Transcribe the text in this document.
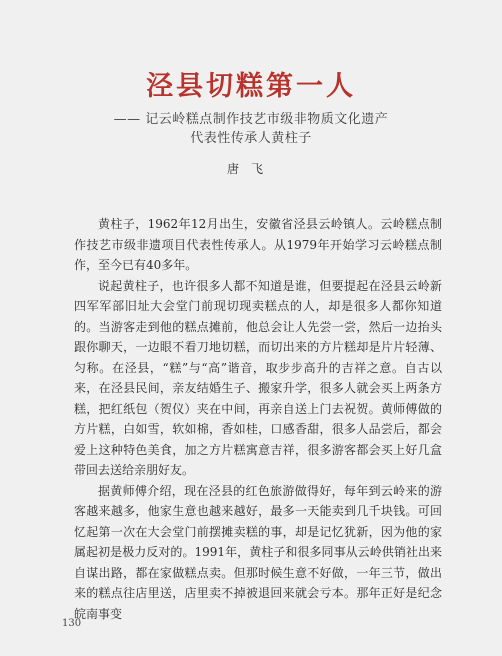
泾县切糕第一人
—— 记云岭糕点制作技艺市级非物质文化遗产
代表性传承人黄柱子
唐飞

黄柱子，1962年12月出生，安徽省泾县云岭镇人。云岭糕点制作技艺市级非遗项目代表性传承人。从1979年开始学习云岭糕点制作，至今已有40多年。

说起黄柱子，也许很多人都不知道是谁，但要提起在泾县云岭新四军军部旧址大会堂门前现切现卖糕点的人，却是很多人都你知道的。当游客走到他的糕点摊前，他总会让人先尝一尝，然后一边抬头跟你聊天，一边眼不看刀地切糕，而切出来的方片糕却是片片轻薄、匀称。在泾县，“糕”与“高”谐音，取步步高升的吉祥之意。自古以来，在泾县民间，亲友结婚生子、搬家升学，很多人就会买上两条方糕，把红纸包（贺仪）夹在中间，再亲自送上门去祝贺。黄师傅做的方片糕，白如雪，软如棉，香如桂，口感香甜，很多人品尝后，都会爱上这种特色美食，加之方片糕寓意吉祥，很多游客都会买上好几盒带回去送给亲朋好友。

据黄师傅介绍，现在泾县的红色旅游做得好，每年到云岭来的游客越来越多，他家生意也越来越好，最多一天能卖到几千块钱。可回忆起第一次在大会堂门前摆摊卖糕的事，却是记忆犹新，因为他的家属起初是极力反对的。1991年，黄柱子和很多同事从云岭供销社出来自谋出路，都在家做糕点卖。但那时候生意不好做，一年三节，做出来的糕点往店里送，店里卖不掉被退回来就会亏本。那年正好是纪念皖南事变

130
